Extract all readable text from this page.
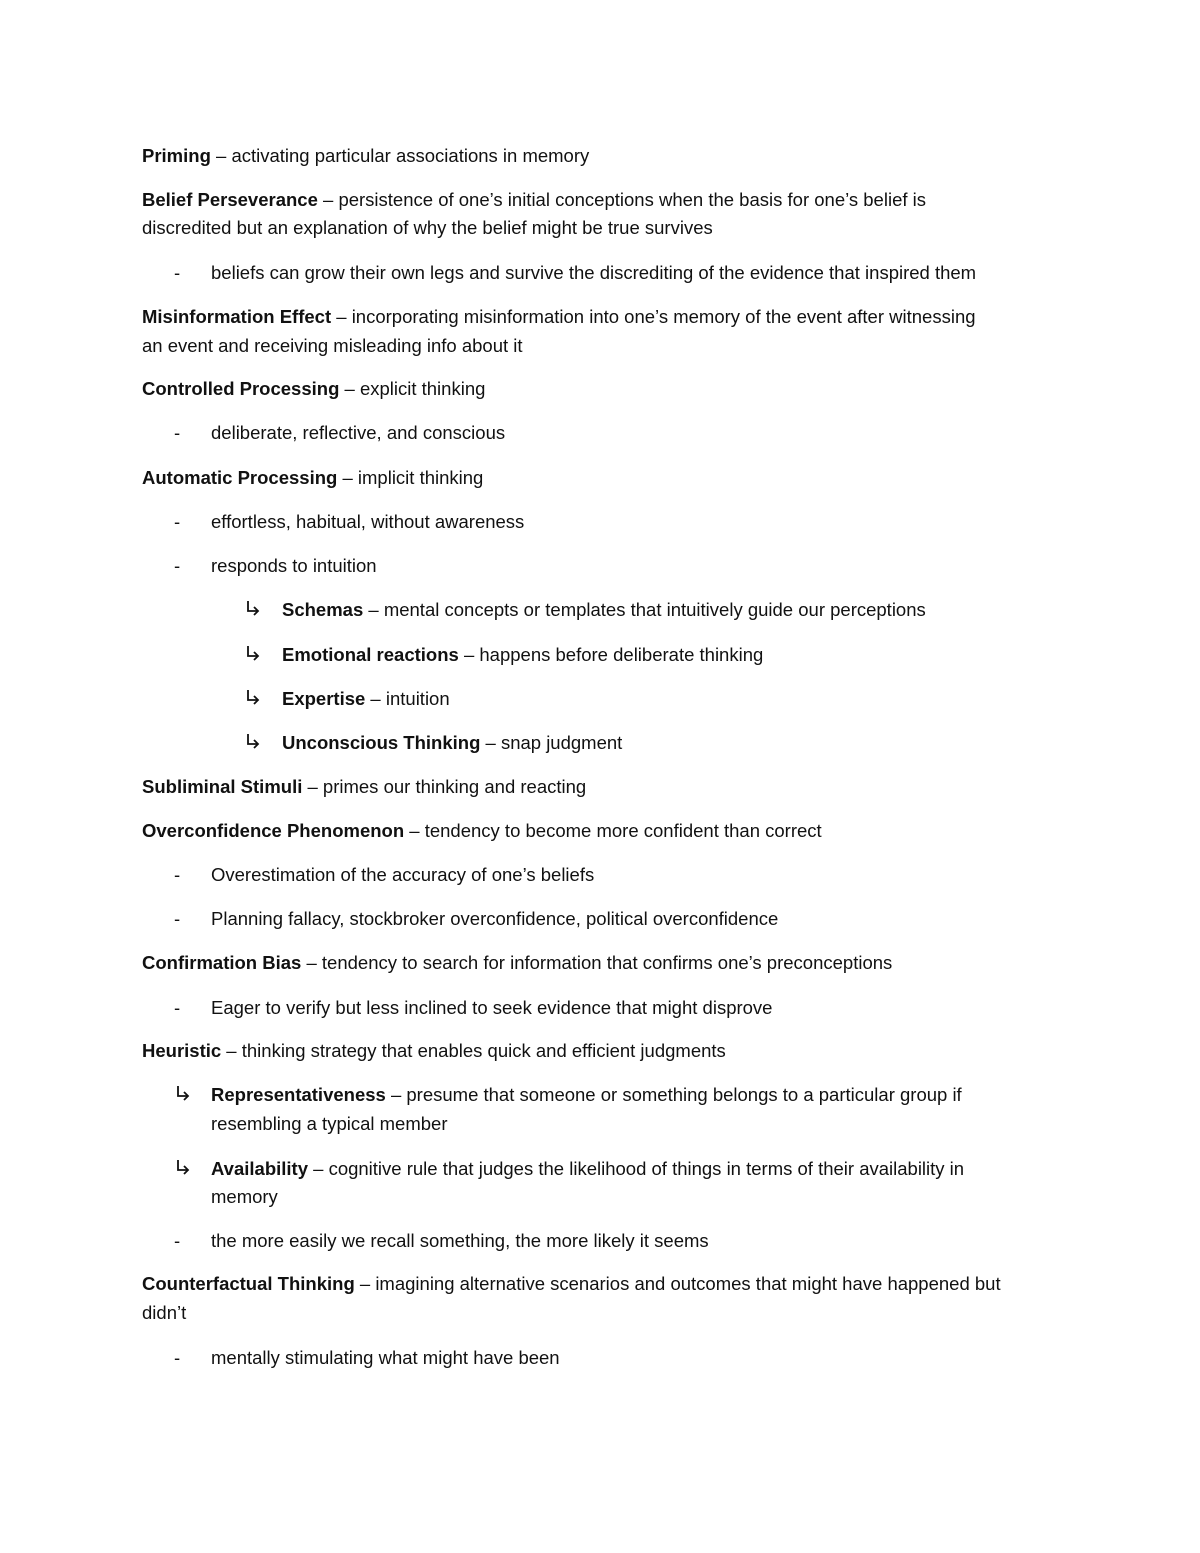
Priming – activating particular associations in memory
Belief Perseverance – persistence of one’s initial conceptions when the basis for one’s belief is
discredited but an explanation of why the belief might be true survives
- beliefs can grow their own legs and survive the discrediting of the evidence that inspired them
Misinformation Effect – incorporating misinformation into one’s memory of the event after witnessing
an event and receiving misleading info about it
Controlled Processing – explicit thinking
- deliberate, reflective, and conscious
Automatic Processing – implicit thinking
- effortless, habitual, without awareness
- responds to intuition
Schemas – mental concepts or templates that intuitively guide our perceptions
Emotional reactions – happens before deliberate thinking
Expertise – intuition
Unconscious Thinking – snap judgment
Subliminal Stimuli – primes our thinking and reacting
Overconfidence Phenomenon – tendency to become more confident than correct
- Overestimation of the accuracy of one’s beliefs
- Planning fallacy, stockbroker overconfidence, political overconfidence
Confirmation Bias – tendency to search for information that confirms one’s preconceptions
- Eager to verify but less inclined to seek evidence that might disprove
Heuristic – thinking strategy that enables quick and efficient judgments
Representativeness – presume that someone or something belongs to a particular group if
resembling a typical member
Availability – cognitive rule that judges the likelihood of things in terms of their availability in
memory
- the more easily we recall something, the more likely it seems
Counterfactual Thinking – imagining alternative scenarios and outcomes that might have happened but
didn’t
- mentally stimulating what might have been
